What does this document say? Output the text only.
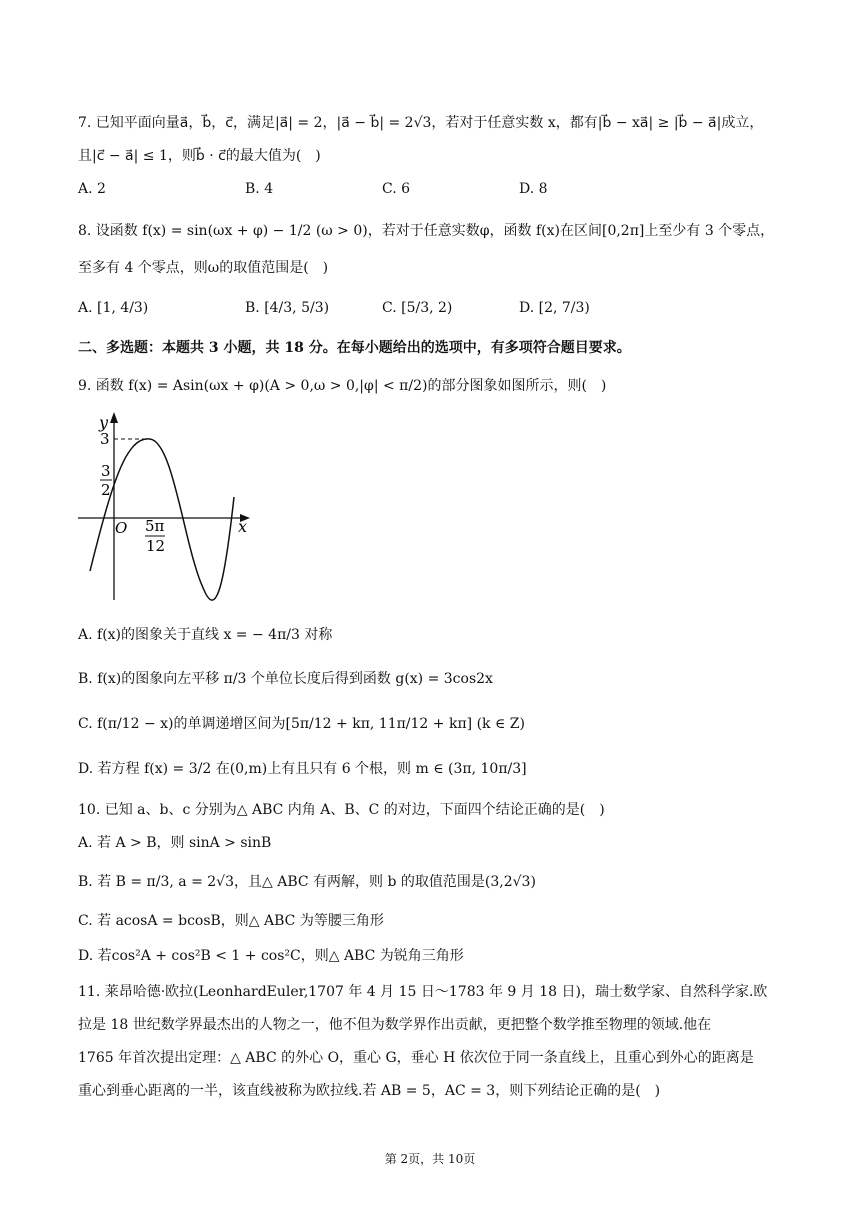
7. 已知平面向量a⃗，b⃗，c⃗，满足|a⃗| = 2，|a⃗ − b⃗| = 2√3，若对于任意实数 x，都有|b⃗ − xa⃗| ≥ |b⃗ − a⃗|成立，
且|c⃗ − a⃗| ≤ 1，则b⃗ · c⃗的最大值为(　)
A. 2	B. 4	C. 6	D. 8
8. 设函数 f(x) = sin(ωx + φ) − 1/2 (ω > 0)，若对于任意实数φ，函数 f(x)在区间[0,2π]上至少有 3 个零点，
至多有 4 个零点，则ω的取值范围是(　)
A. [1, 4/3)	B. [4/3, 5/3)	C. [5/3, 2)	D. [2, 7/3)
二、多选题：本题共 3 小题，共 18 分。在每小题给出的选项中，有多项符合题目要求。
9. 函数 f(x) = Asin(ωx + φ)(A > 0,ω > 0,|φ| < π/2)的部分图象如图所示，则(　)
y
x
O
3
3
2
5π
12
A. f(x)的图象关于直线 x = − 4π/3 对称
B. f(x)的图象向左平移 π/3 个单位长度后得到函数 g(x) = 3cos2x
C. f(π/12 − x)的单调递增区间为[5π/12 + kπ, 11π/12 + kπ] (k ∈ Z)
D. 若方程 f(x) = 3/2 在(0,m)上有且只有 6 个根，则 m ∈ (3π, 10π/3]
10. 已知 a、b、c 分别为△ ABC 内角 A、B、C 的对边，下面四个结论正确的是(　)
A. 若 A > B，则 sinA > sinB
B. 若 B = π/3, a = 2√3，且△ ABC 有两解，则 b 的取值范围是(3,2√3)
C. 若 acosA = bcosB，则△ ABC 为等腰三角形
D. 若cos²A + cos²B < 1 + cos²C，则△ ABC 为锐角三角形
11. 莱昂哈德·欧拉(LeonhardEuler,1707 年 4 月 15 日～1783 年 9 月 18 日)，瑞士数学家、自然科学家.欧
拉是 18 世纪数学界最杰出的人物之一，他不但为数学界作出贡献，更把整个数学推至物理的领域.他在
1765 年首次提出定理：△ ABC 的外心 O，重心 G，垂心 H 依次位于同一条直线上，且重心到外心的距离是
重心到垂心距离的一半，该直线被称为欧拉线.若 AB = 5，AC = 3，则下列结论正确的是(　)
第 2页，共 10页
